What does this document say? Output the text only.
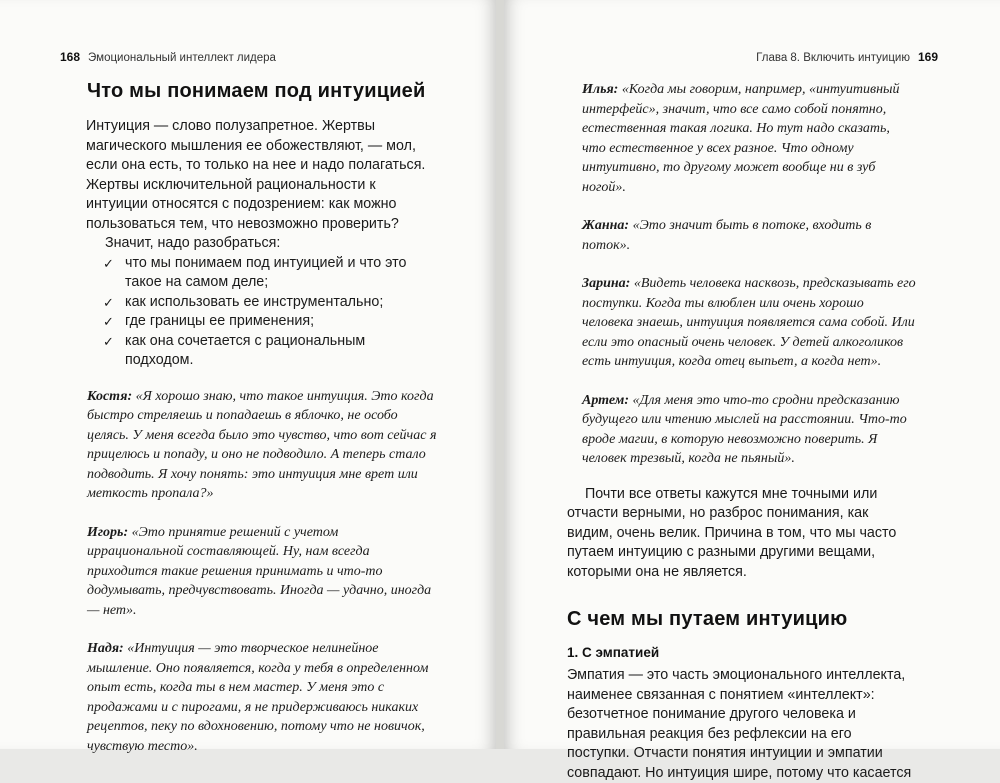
168 Эмоциональный интеллект лидера
Что мы понимаем под интуицией

Интуиция — слово полузапретное. Жертвы магического мышления ее обожествляют, — мол, если она есть, то только на нее и надо полагаться. Жертвы исключительной рациональности к интуиции относятся с подозрением: как можно пользоваться тем, что невозможно проверить?

Значит, надо разобраться:

✓ что мы понимаем под интуицией и что это такое на самом деле;
✓ как использовать ее инструментально;
✓ где границы ее применения;
✓ как она сочетается с рациональным подходом.

Костя: «Я хорошо знаю, что такое интуиция. Это когда быстро стреляешь и попадаешь в яблочко, не особо целясь. У меня всегда было это чувство, что вот сейчас я прицелюсь и попаду, и оно не подводило. А теперь стало подводить. Я хочу понять: это интуиция мне врет или меткость пропала?»

Игорь: «Это принятие решений с учетом иррациональной составляющей. Ну, нам всегда приходится такие решения принимать и что-то додумывать, предчувствовать. Иногда — удачно, иногда — нет».

Надя: «Интуиция — это творческое нелинейное мышление. Оно появляется, когда у тебя в определенном опыт есть, когда ты в нем мастер. У меня это с продажами и с пирогами, я не придерживаюсь никаких рецептов, пеку по вдохновению, потому что не новичок, чувствую тесто».

Глава 8. Включить интуицию 169

Илья: «Когда мы говорим, например, «интуитивный интерфейс», значит, что все само собой понятно, естественная такая логика. Но тут надо сказать, что естественное у всех разное. Что одному интуитивно, то другому может вообще ни в зуб ногой».

Жанна: «Это значит быть в потоке, входить в поток».

Зарина: «Видеть человека насквозь, предсказывать его поступки. Когда ты влюблен или очень хорошо человека знаешь, интуиция появляется сама собой. Или если это опасный очень человек. У детей алкоголиков есть интуиция, когда отец выпьет, а когда нет».

Артем: «Для меня это что-то сродни предсказанию будущего или чтению мыслей на расстоянии. Что-то вроде магии, в которую невозможно поверить. Я человек трезвый, когда не пьяный».

Почти все ответы кажутся мне точными или отчасти верными, но разброс понимания, как видим, очень велик. Причина в том, что мы часто путаем интуицию с разными другими вещами, которыми она не является.

С чем мы путаем интуицию
1. С эмпатией

Эмпатия — это часть эмоционального интеллекта, наименее связанная с понятием «интеллект»: безотчетное понимание другого человека и правильная реакция без рефлексии на его поступки. Отчасти понятия интуиции и эмпатии совпадают. Но интуиция шире, потому что касается
